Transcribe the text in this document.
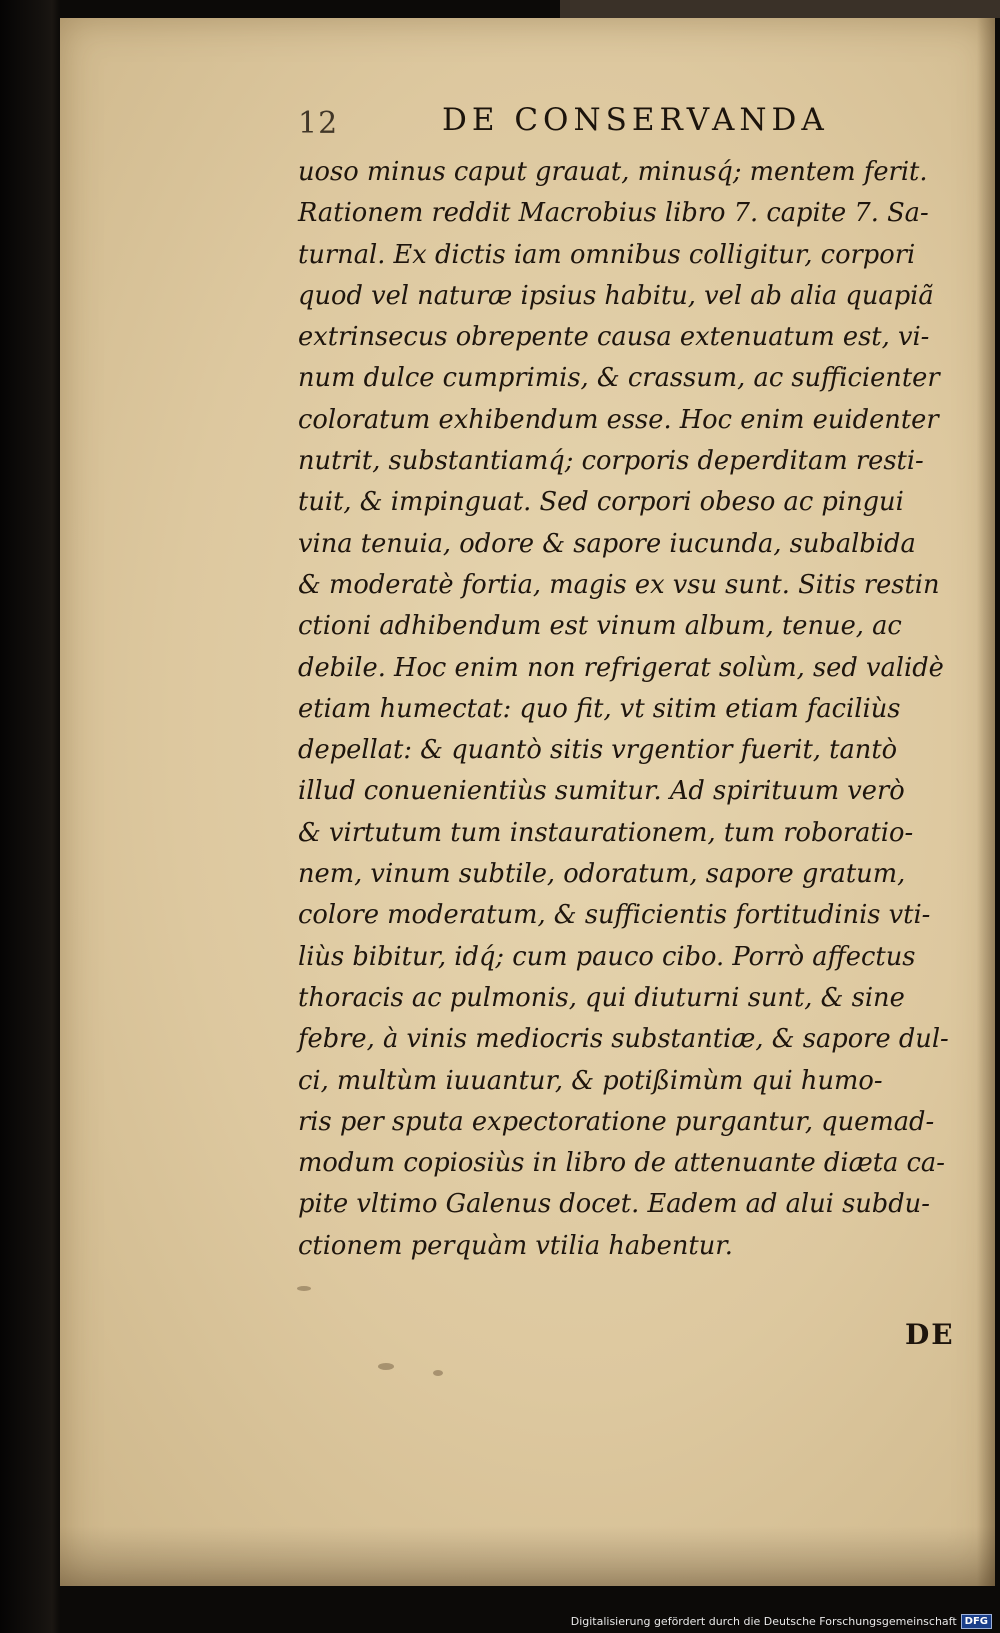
12	DE CONSERVANDA
uoso minus caput grauat, minusq́; mentem ferit.
Rationem reddit Macrobius libro 7. capite 7. Sa-
turnal. Ex dictis iam omnibus colligitur, corpori
quod vel naturæ ipsius habitu, vel ab alia quapiã
extrinsecus obrepente causa extenuatum est, vi-
num dulce cumprimis, & crassum, ac sufficienter
coloratum exhibendum esse. Hoc enim euidenter
nutrit, substantiamq́; corporis deperditam resti-
tuit, & impinguat. Sed corpori obeso ac pingui
vina tenuia, odore & sapore iucunda, subalbida
& moderatè fortia, magis ex vsu sunt. Sitis restin
ctioni adhibendum est vinum album, tenue, ac
debile. Hoc enim non refrigerat solùm, sed validè
etiam humectat: quo fit, vt sitim etiam faciliùs
depellat: & quantò sitis vrgentior fuerit, tantò
illud conuenientiùs sumitur. Ad spirituum verò
& virtutum tum instaurationem, tum roboratio-
nem, vinum subtile, odoratum, sapore gratum,
colore moderatum, & sufficientis fortitudinis vti-
liùs bibitur, idq́; cum pauco cibo. Porrò affectus
thoracis ac pulmonis, qui diuturni sunt, & sine
febre, à vinis mediocris substantiæ, & sapore dul-
ci, multùm iuuantur, & potißimùm qui humo-
ris per sputa expectoratione purgantur, quemad-
modum copiosiùs in libro de attenuante diæta ca-
pite vltimo Galenus docet. Eadem ad alui subdu-
ctionem perquàm vtilia habentur.
DE
Digitalisierung gefördert durch die Deutsche Forschungsgemeinschaft DFG
